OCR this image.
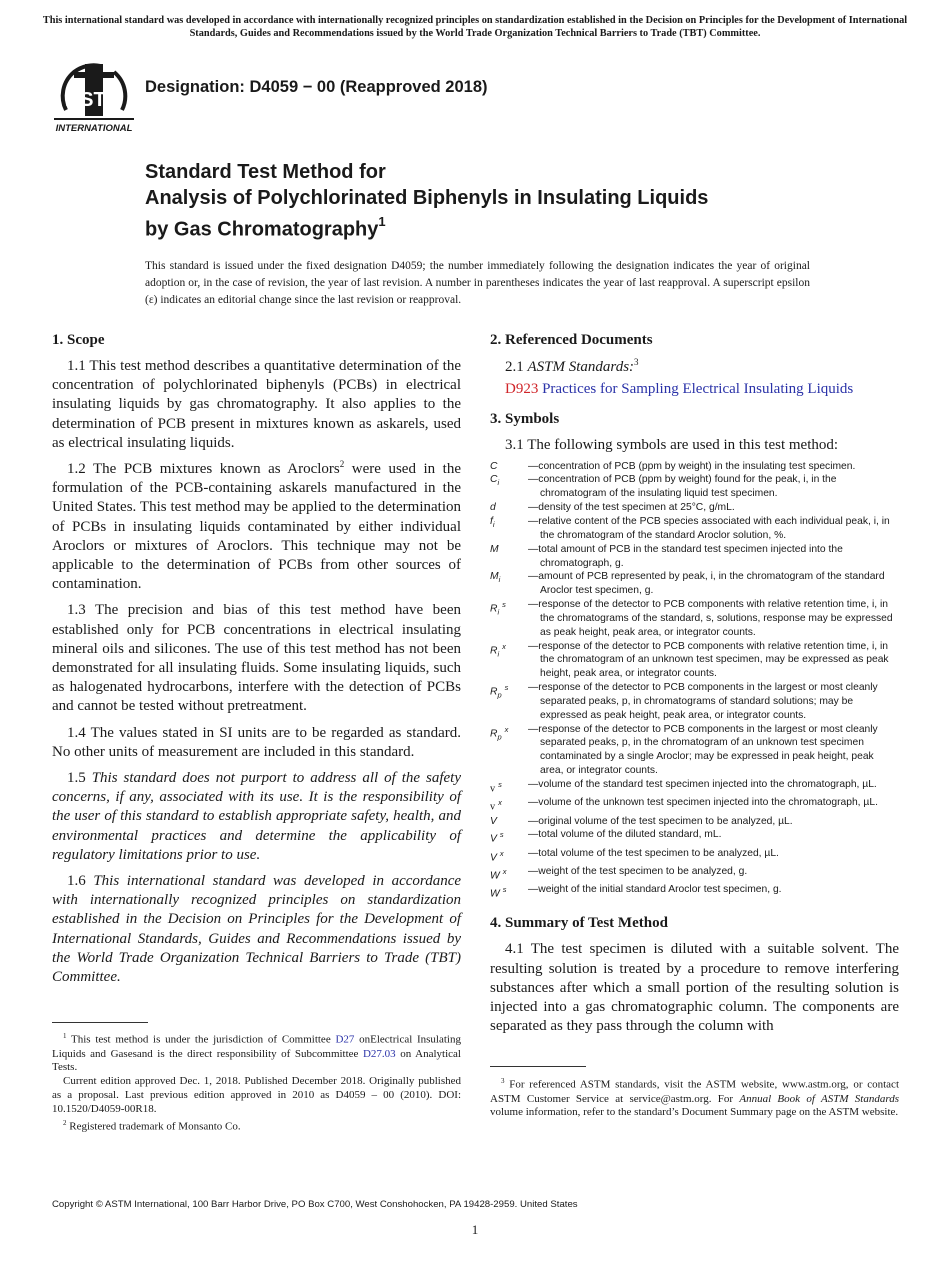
This international standard was developed in accordance with internationally recognized principles on standardization established in the Decision on Principles for the Development of International Standards, Guides and Recommendations issued by the World Trade Organization Technical Barriers to Trade (TBT) Committee.
ASTM
INTERNATIONAL
Designation: D4059 − 00 (Reapproved 2018)
Standard Test Method for
Analysis of Polychlorinated Biphenyls in Insulating Liquids
by Gas Chromatography$^1$
This standard is issued under the fixed designation D4059; the number immediately following the designation indicates the year of original adoption or, in the case of revision, the year of last revision. A number in parentheses indicates the year of last reapproval. A superscript epsilon (ε) indicates an editorial change since the last revision or reapproval.
1. Scope

1.1 This test method describes a quantitative determination of the concentration of polychlorinated biphenyls (PCBs) in electrical insulating liquids by gas chromatography. It also applies to the determination of PCB present in mixtures known as askarels, used as electrical insulating liquids.

1.2 The PCB mixtures known as Aroclors$^2$ were used in the formulation of the PCB-containing askarels manufactured in the United States. This test method may be applied to the determination of PCBs in insulating liquids contaminated by either individual Aroclors or mixtures of Aroclors. This technique may not be applicable to the determination of PCBs from other sources of contamination.

1.3 The precision and bias of this test method have been established only for PCB concentrations in electrical insulating mineral oils and silicones. The use of this test method has not been demonstrated for all insulating fluids. Some insulating liquids, such as halogenated hydrocarbons, interfere with the detection of PCBs and cannot be tested without pretreatment.

1.4 The values stated in SI units are to be regarded as standard. No other units of measurement are included in this standard.

1.5 This standard does not purport to address all of the safety concerns, if any, associated with its use. It is the responsibility of the user of this standard to establish appropriate safety, health, and environmental practices and determine the applicability of regulatory limitations prior to use.

1.6 This international standard was developed in accordance with internationally recognized principles on standardization established in the Decision on Principles for the Development of International Standards, Guides and Recommendations issued by the World Trade Organization Technical Barriers to Trade (TBT) Committee.

$^1$ This test method is under the jurisdiction of Committee D27 onElectrical Insulating Liquids and Gasesand is the direct responsibility of Subcommittee D27.03 on Analytical Tests.

Current edition approved Dec. 1, 2018. Published December 2018. Originally published as a proposal. Last previous edition approved in 2010 as D4059 – 00 (2010). DOI: 10.1520/D4059-00R18.

$^2$ Registered trademark of Monsanto Co.

2. Referenced Documents

2.1 ASTM Standards:$^3$

D923 Practices for Sampling Electrical Insulating Liquids

3. Symbols

3.1 The following symbols are used in this test method:

C	—concentration of PCB (ppm by weight) in the insulating test specimen.
$C_i$	—concentration of PCB (ppm by weight) found for the peak, i, in the chromatogram of the insulating liquid test specimen.
d	—density of the test specimen at 25°C, g/mL.
$f_i$	—relative content of the PCB species associated with each individual peak, i, in the chromatogram of the standard Aroclor solution, %.
M	—total amount of PCB in the standard test specimen injected into the chromatograph, g.
$M_i$	—amount of PCB represented by peak, i, in the chromatogram of the standard Aroclor test specimen, g.
$R_i^s$	—response of the detector to PCB components with relative retention time, i, in the chromatograms of the standard, s, solutions, response may be expressed as peak height, peak area, or integrator counts.
$R_i^x$	—response of the detector to PCB components with relative retention time, i, in the chromatogram of an unknown test specimen, may be expressed as peak height, peak area, or integrator counts.
$R_p^s$	—response of the detector to PCB components in the largest or most cleanly separated peaks, p, in chromatograms of standard solutions; may be expressed as peak height, peak area, or integrator counts.
$R_p^x$	—response of the detector to PCB components in the largest or most cleanly separated peaks, p, in the chromatogram of an unknown test specimen contaminated by a single Aroclor; may be expressed in peak height, peak area, or integrator counts.
v $^s$	—volume of the standard test specimen injected into the chromatograph, µL.
v $^x$	—volume of the unknown test specimen injected into the chromatograph, µL.
V	—original volume of the test specimen to be analyzed, µL.
V $^s$	—total volume of the diluted standard, mL.
V $^x$	—total volume of the test specimen to be analyzed, µL.
W $^x$	—weight of the test specimen to be analyzed, g.
W $^s$	—weight of the initial standard Aroclor test specimen, g.
4. Summary of Test Method

4.1 The test specimen is diluted with a suitable solvent. The resulting solution is treated by a procedure to remove interfering substances after which a small portion of the resulting solution is injected into a gas chromatographic column. The components are separated as they pass through the column with

$^3$ For referenced ASTM standards, visit the ASTM website, www.astm.org, or contact ASTM Customer Service at service@astm.org. For Annual Book of ASTM Standards volume information, refer to the standard’s Document Summary page on the ASTM website.

Copyright © ASTM International, 100 Barr Harbor Drive, PO Box C700, West Conshohocken, PA 19428-2959. United States
1
